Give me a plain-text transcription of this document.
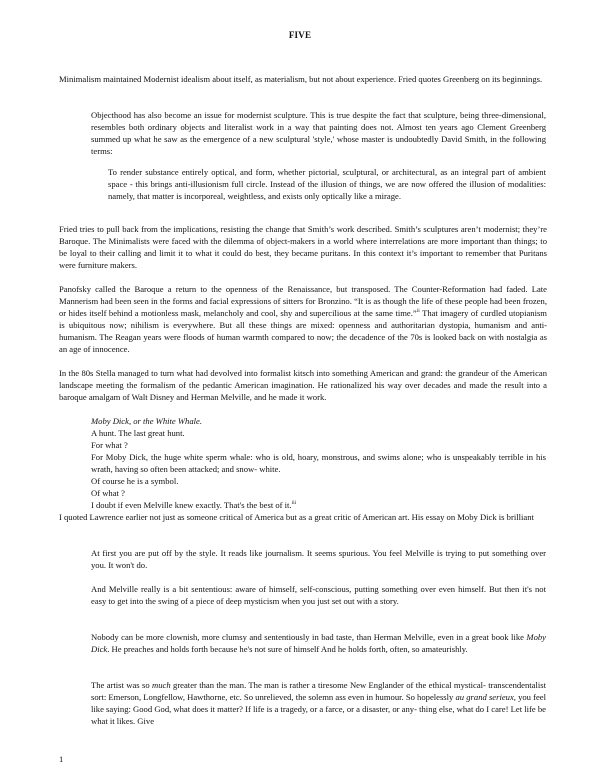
FIVE

Minimalism maintained Modernist idealism about itself, as materialism, but not about experience. Fried quotes Greenberg on its beginnings.

Objecthood has also become an issue for modernist sculpture. This is true despite the fact that sculpture, being three-dimensional, resembles both ordinary objects and literalist work in a way that painting does not. Almost ten years ago Clement Greenberg summed up what he saw as the emergence of a new sculptural 'style,' whose master is undoubtedly David Smith, in the following terms:

To render substance entirely optical, and form, whether pictorial, sculptural, or architectural, as an integral part of ambient space - this brings anti-illusionism full circle. Instead of the illusion of things, we are now offered the illusion of modalities: namely, that matter is incorporeal, weightless, and exists only optically like a mirage.

Fried tries to pull back from the implications, resisting the change that Smith’s work described. Smith’s sculptures aren’t modernist; they’re Baroque. The Minimalists were faced with the dilemma of object-makers in a world where interrelations are more important than things; to be loyal to their calling and limit it to what it could do best, they became puritans. In this context it’s important to remember that Puritans were furniture makers.

Panofsky called the Baroque a return to the openness of the Renaissance, but transposed. The Counter-Reformation had faded. Late Mannerism had been seen in the forms and facial expressions of sitters for Bronzino. “It is as though the life of these people had been frozen, or hides itself behind a motionless mask, melancholy and cool, shy and supercilious at the same time.”$^{ii}$ That imagery of curdled utopianism is ubiquitous now; nihilism is everywhere. But all these things are mixed: openness and authoritarian dystopia, humanism and anti-humanism. The Reagan years were floods of human warmth compared to now; the decadence of the 70s is looked back on with nostalgia as an age of innocence.

In the 80s Stella managed to turn what had devolved into formalist kitsch into something American and grand: the grandeur of the American landscape meeting the formalism of the pedantic American imagination. He rationalized his way over decades and made the result into a baroque amalgam of Walt Disney and Herman Melville, and he made it work.

Moby Dick, or the White Whale.
A hunt. The last great hunt.
For what ?
For Moby Dick, the huge white sperm whale: who is old, hoary, monstrous, and swims alone; who is unspeakably terrible in his wrath, having so often been attacked; and snow- white.
Of course he is a symbol.
Of what ?
I doubt if even Melville knew exactly. That's the best of it.$^{iii}$

I quoted Lawrence earlier not just as someone critical of America but as a great critic of American art. His essay on Moby Dick is brilliant

At first you are put off by the style. It reads like journalism. It seems spurious. You feel Melville is trying to put something over you. It won't do.

And Melville really is a bit sententious: aware of himself, self-conscious, putting something over even himself. But then it's not easy to get into the swing of a piece of deep mysticism when you just set out with a story.

Nobody can be more clownish, more clumsy and sententiously in bad taste, than Herman Melville, even in a great book like Moby Dick. He preaches and holds forth because he's not sure of himself And he holds forth, often, so amateurishly.

The artist was so much greater than the man. The man is rather a tiresome New Englander of the ethical mystical- transcendentalist sort: Emerson, Longfellow, Hawthorne, etc. So unrelieved, the solemn ass even in humour. So hopelessly au grand serieux, you feel like saying: Good God, what does it matter? If life is a tragedy, or a farce, or a disaster, or any- thing else, what do I care! Let life be what it likes. Give

1
